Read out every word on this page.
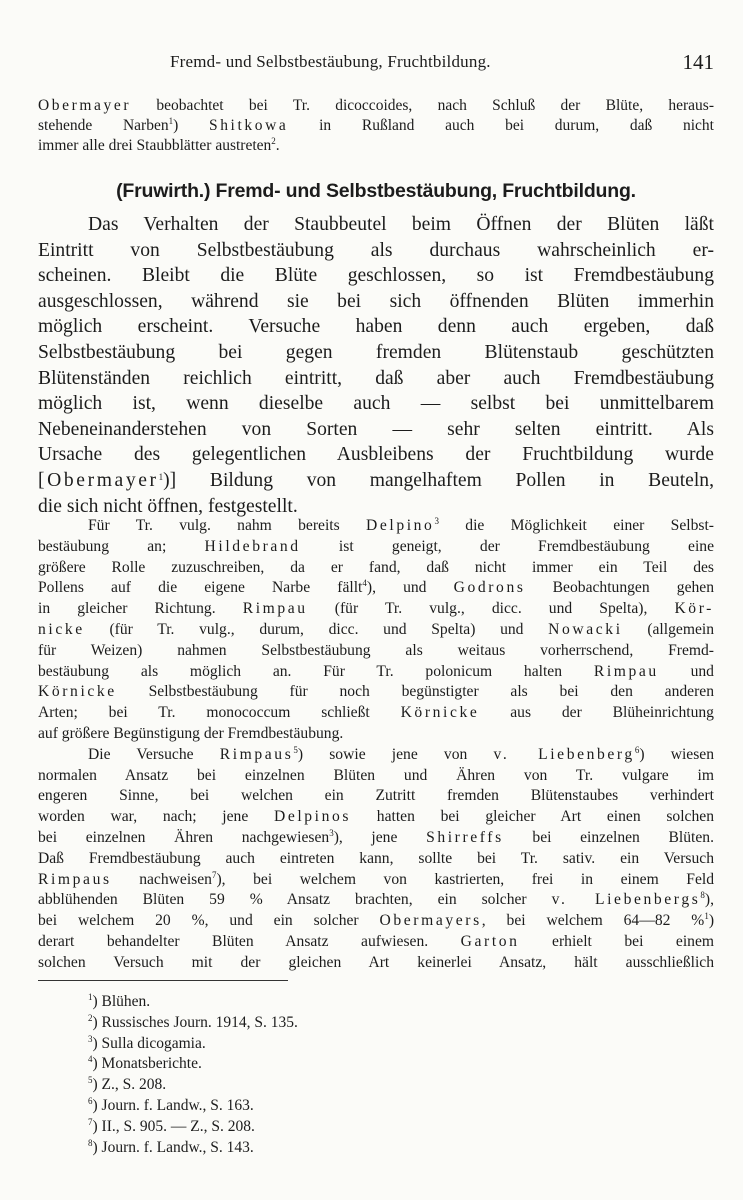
Fremd- und Selbstbestäubung, Fruchtbildung.	141
Obermayer beobachtet bei Tr. dicoccoides, nach Schluß der Blüte, heraus-
stehende Narben$^1$) Shitkowa in Rußland auch bei durum, daß nicht
immer alle drei Staubblätter austreten$^2$.
(Fruwirth.) Fremd- und Selbstbestäubung, Fruchtbildung.
Das Verhalten der Staubbeutel beim Öffnen der Blüten läßt
Eintritt von Selbstbestäubung als durchaus wahrscheinlich er-
scheinen. Bleibt die Blüte geschlossen, so ist Fremdbestäubung
ausgeschlossen, während sie bei sich öffnenden Blüten immerhin
möglich erscheint. Versuche haben denn auch ergeben, daß
Selbstbestäubung bei gegen fremden Blütenstaub geschützten
Blütenständen reichlich eintritt, daß aber auch Fremdbestäubung
möglich ist, wenn dieselbe auch — selbst bei unmittelbarem
Nebeneinanderstehen von Sorten — sehr selten eintritt. Als
Ursache des gelegentlichen Ausbleibens der Fruchtbildung wurde
[Obermayer$^1$)] Bildung von mangelhaftem Pollen in Beuteln,
die sich nicht öffnen, festgestellt.
Für Tr. vulg. nahm bereits Delpino$^3$ die Möglichkeit einer Selbst-
bestäubung an; Hildebrand ist geneigt, der Fremdbestäubung eine
größere Rolle zuzuschreiben, da er fand, daß nicht immer ein Teil des
Pollens auf die eigene Narbe fällt$^4$), und Godrons Beobachtungen gehen
in gleicher Richtung. Rimpau (für Tr. vulg., dicc. und Spelta), Kör-
nicke (für Tr. vulg., durum, dicc. und Spelta) und Nowacki (allgemein
für Weizen) nahmen Selbstbestäubung als weitaus vorherrschend, Fremd-
bestäubung als möglich an. Für Tr. polonicum halten Rimpau und
Körnicke Selbstbestäubung für noch begünstigter als bei den anderen
Arten; bei Tr. monococcum schließt Körnicke aus der Blüheinrichtung
auf größere Begünstigung der Fremdbestäubung.
Die Versuche Rimpaus$^5$) sowie jene von v. Liebenberg$^6$) wiesen
normalen Ansatz bei einzelnen Blüten und Ähren von Tr. vulgare im
engeren Sinne, bei welchen ein Zutritt fremden Blütenstaubes verhindert
worden war, nach; jene Delpinos hatten bei gleicher Art einen solchen
bei einzelnen Ähren nachgewiesen$^3$), jene Shirreffs bei einzelnen Blüten.
Daß Fremdbestäubung auch eintreten kann, sollte bei Tr. sativ. ein Versuch
Rimpaus nachweisen$^7$), bei welchem von kastrierten, frei in einem Feld
abblühenden Blüten 59 % Ansatz brachten, ein solcher v. Liebenbergs$^8$),
bei welchem 20 %, und ein solcher Obermayers, bei welchem 64—82 %$^1$)
derart behandelter Blüten Ansatz aufwiesen. Garton erhielt bei einem
solchen Versuch mit der gleichen Art keinerlei Ansatz, hält ausschließlich
$^1$) Blühen.
$^2$) Russisches Journ. 1914, S. 135.
$^3$) Sulla dicogamia.
$^4$) Monatsberichte.
$^5$) Z., S. 208.
$^6$) Journ. f. Landw., S. 163.
$^7$) II., S. 905. — Z., S. 208.
$^8$) Journ. f. Landw., S. 143.
